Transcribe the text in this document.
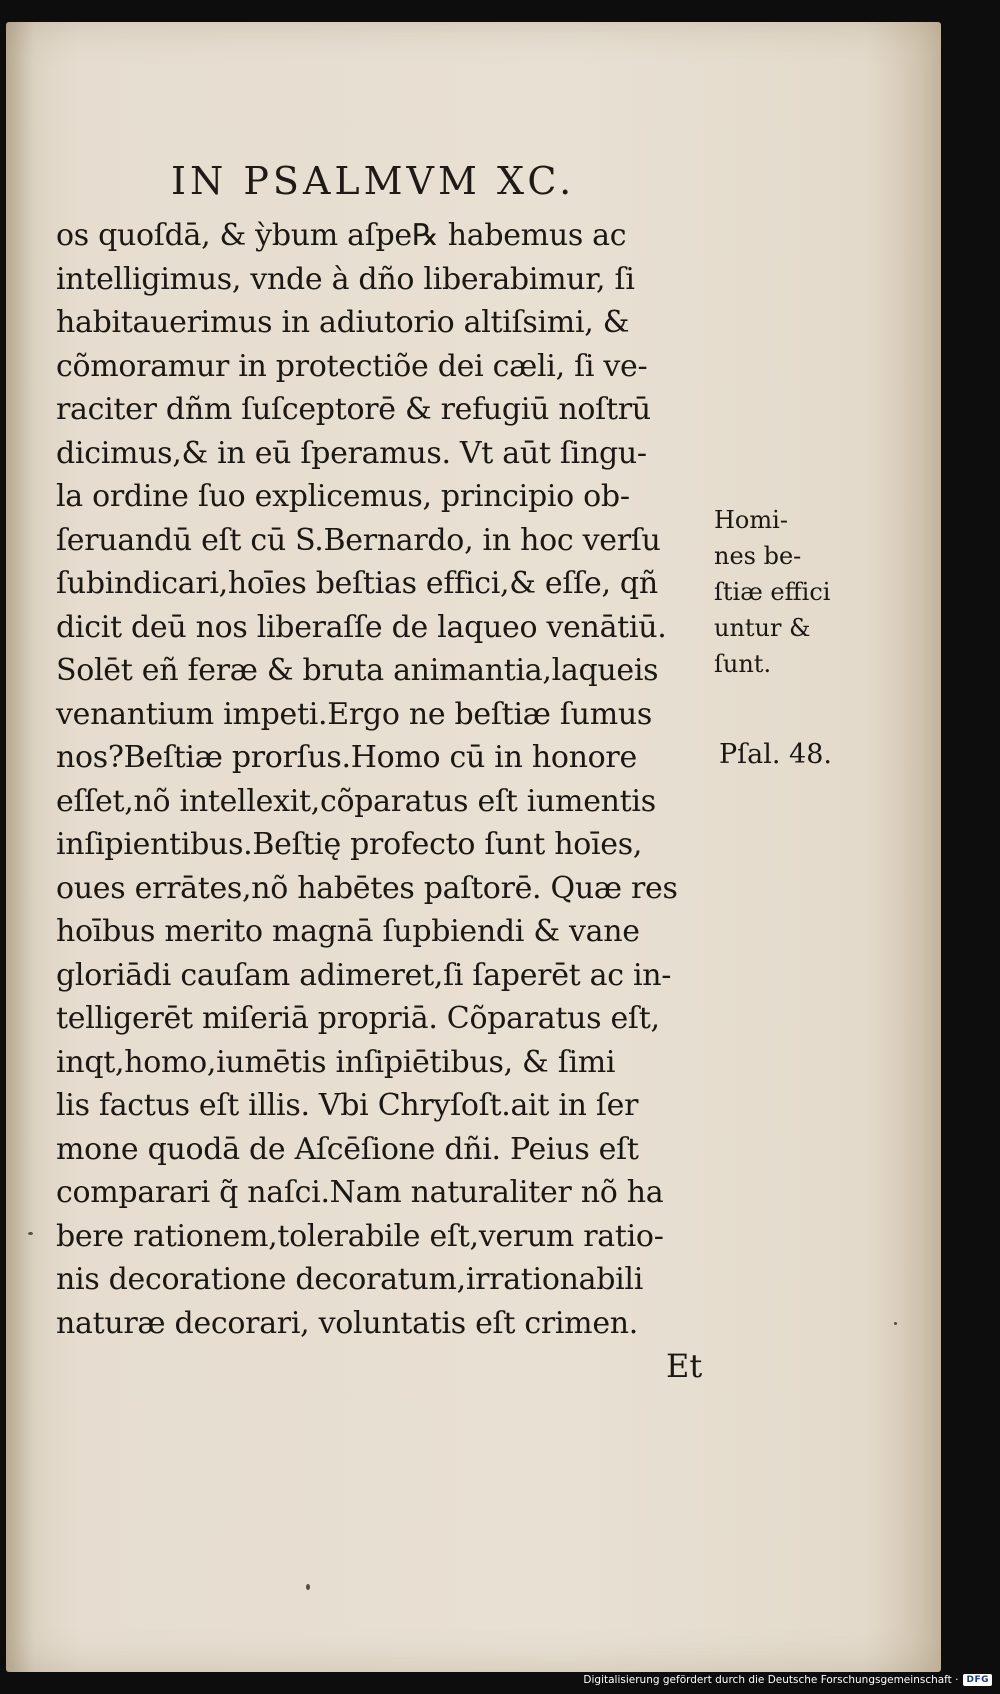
IN PSALMVM XC.
os quoſdā, & ỳbum aſpe℞ habemus ac
intelligimus, vnde à dño liberabimur, ſi
habitauerimus in adiutorio altiſsimi, &
cõmoramur in protectiõe dei cæli, ſi ve-
raciter dñm ſuſceptorē & refugiū noſtrū
dicimus,& in eū ſperamus. Vt aūt ſingu-
la ordine ſuo explicemus, principio ob-
ſeruandū eſt cū S.Bernardo, in hoc verſu
ſubindicari,hoīes beſtias effici,& eſſe, qñ
dicit deū nos liberaſſe de laqueo venātiū.
Solēt eñ feræ & bruta animantia,laqueis
venantium impeti.Ergo ne beſtiæ ſumus
nos?Beſtiæ prorſus.Homo cū in honore
eſſet,nõ intellexit,cõparatus eſt iumentis
inſipientibus.Beſtię profecto ſunt hoīes,
oues errātes,nõ habētes paſtorē. Quæ res
hoībus merito magnā ſupbiendi & vane
gloriādi cauſam adimeret,ſi ſaperēt ac in-
telligerēt miſeriā propriā. Cõparatus eſt,
inqt,homo,iumētis inſipiētibus, & ſimi
lis factus eſt illis. Vbi Chryſoſt.ait in ſer
mone quodā de Aſcēſione dñi. Peius eſt
comparari q̃ naſci.Nam naturaliter nõ ha
bere rationem,tolerabile eſt,verum ratio-
nis decoratione decoratum,irrationabili
naturæ decorari, voluntatis eſt crimen.
Et
Homi-
nes be-
ſtiæ effici
untur &
ſunt.
Pſal. 48.
Digitalisierung gefördert durch die Deutsche Forschungsgemeinschaft · DFG
